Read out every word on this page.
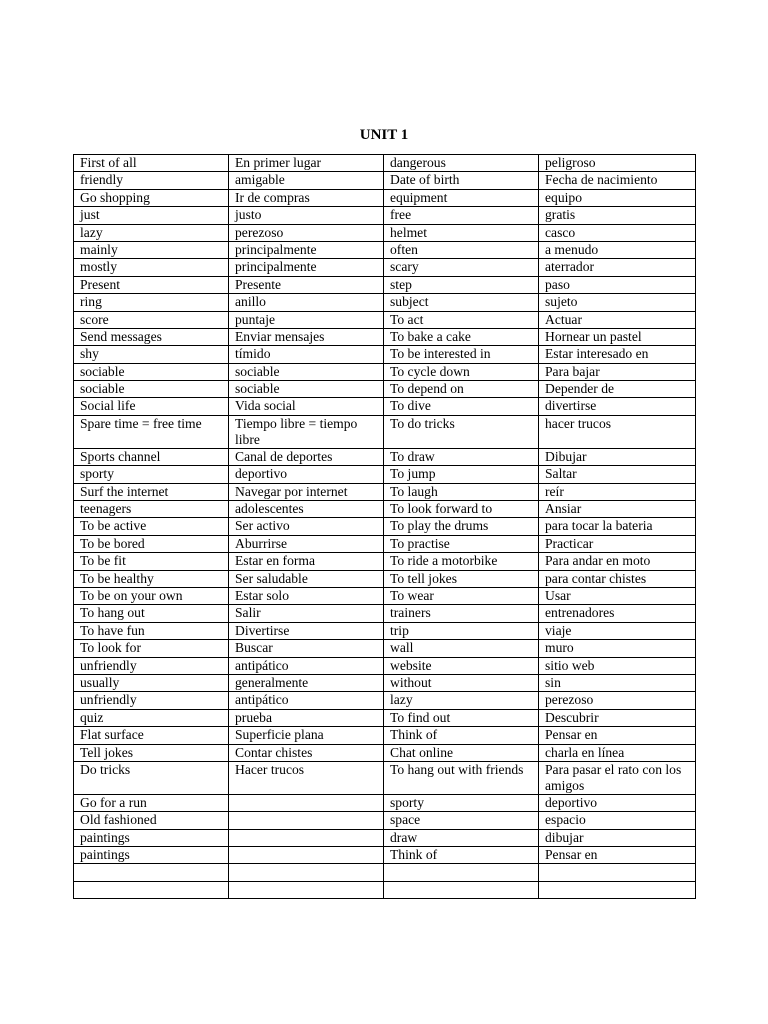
UNIT 1
First of all	En primer lugar	dangerous	peligroso
friendly	amigable	Date of birth	Fecha de nacimiento
Go shopping	Ir de compras	equipment	equipo
just	justo	free	gratis
lazy	perezoso	helmet	casco
mainly	principalmente	often	a menudo
mostly	principalmente	scary	aterrador
Present	Presente	step	paso
ring	anillo	subject	sujeto
score	puntaje	To act	Actuar
Send messages	Enviar mensajes	To bake a cake	Hornear un pastel
shy	tímido	To be interested in	Estar interesado en
sociable	sociable	To cycle down	Para bajar
sociable	sociable	To depend on	Depender de
Social life	Vida social	To dive	divertirse
Spare time = free time	Tiempo libre = tiempo libre	To do tricks	hacer trucos
Sports channel	Canal de deportes	To draw	Dibujar
sporty	deportivo	To jump	Saltar
Surf the internet	Navegar por internet	To laugh	reír
teenagers	adolescentes	To look forward to	Ansiar
To be active	Ser activo	To play the drums	para tocar la bateria
To be bored	Aburrirse	To practise	Practicar
To be fit	Estar en forma	To ride a motorbike	Para andar en moto
To be healthy	Ser saludable	To tell jokes	para contar chistes
To be on your own	Estar solo	To wear	Usar
To hang out	Salir	trainers	entrenadores
To have fun	Divertirse	trip	viaje
To look for	Buscar	wall	muro
unfriendly	antipático	website	sitio web
usually	generalmente	without	sin
unfriendly	antipático	lazy	perezoso
quiz	prueba	To find out	Descubrir
Flat surface	Superficie plana	Think of	Pensar en
Tell jokes	Contar chistes	Chat online	charla en línea
Do tricks	Hacer trucos	To hang out with friends	Para pasar el rato con los amigos
Go for a run		sporty	deportivo
Old fashioned		space	espacio
paintings		draw	dibujar
paintings		Think of	Pensar en
